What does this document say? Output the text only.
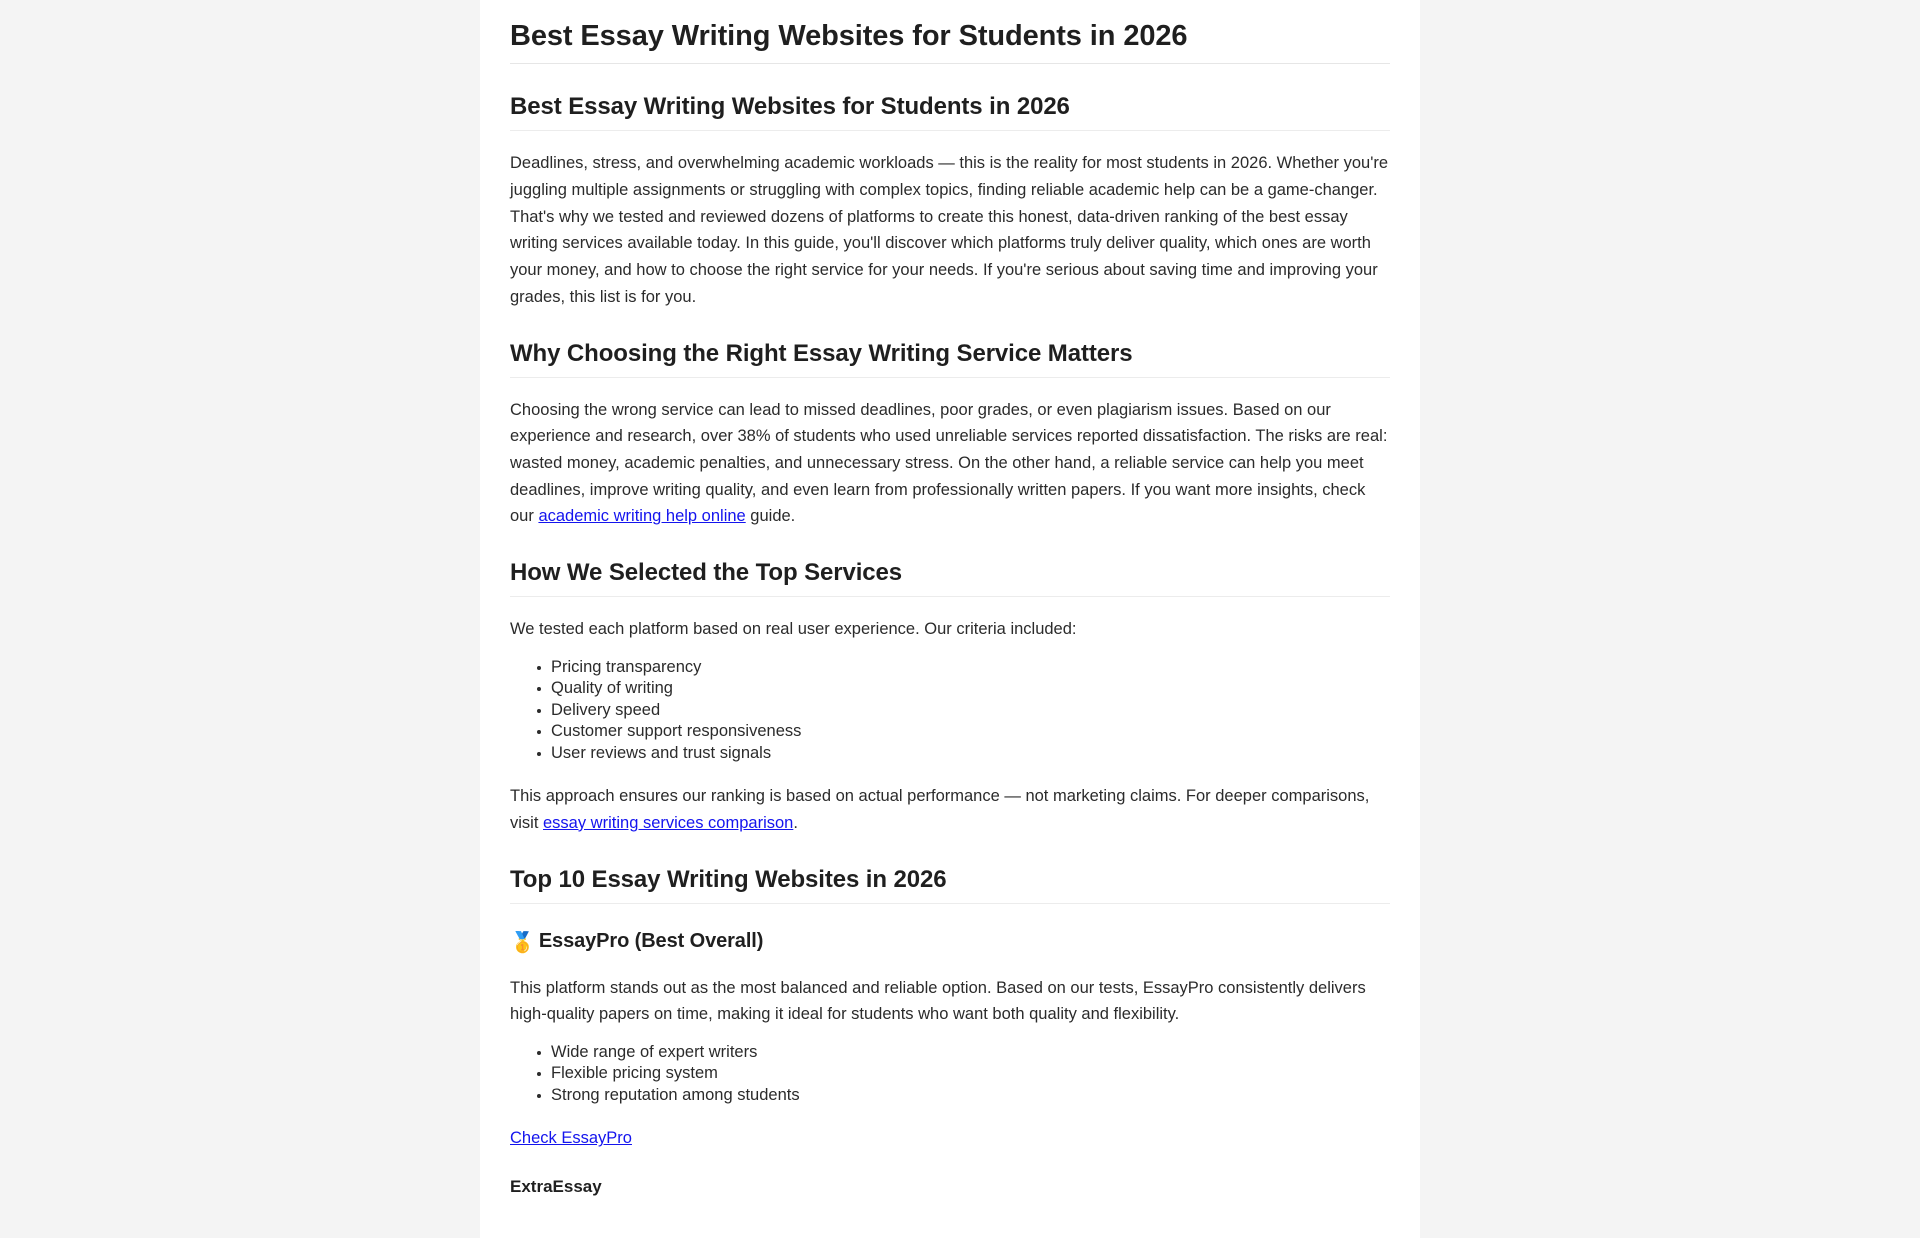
Best Essay Writing Websites for Students in 2026
Best Essay Writing Websites for Students in 2026

Deadlines, stress, and overwhelming academic workloads — this is the reality for most students in 2026. Whether you're juggling multiple assignments or struggling with complex topics, finding reliable academic help can be a game-changer. That's why we tested and reviewed dozens of platforms to create this honest, data-driven ranking of the best essay writing services available today. In this guide, you'll discover which platforms truly deliver quality, which ones are worth your money, and how to choose the right service for your needs. If you're serious about saving time and improving your grades, this list is for you.

Why Choosing the Right Essay Writing Service Matters

Choosing the wrong service can lead to missed deadlines, poor grades, or even plagiarism issues. Based on our experience and research, over 38% of students who used unreliable services reported dissatisfaction. The risks are real: wasted money, academic penalties, and unnecessary stress. On the other hand, a reliable service can help you meet deadlines, improve writing quality, and even learn from professionally written papers. If you want more insights, check our academic writing help online guide.

How We Selected the Top Services

We tested each platform based on real user experience. Our criteria included:

Pricing transparency
Quality of writing
Delivery speed
Customer support responsiveness
User reviews and trust signals

This approach ensures our ranking is based on actual performance — not marketing claims. For deeper comparisons, visit essay writing services comparison.

Top 10 Essay Writing Websites in 2026
🥇 EssayPro (Best Overall)

This platform stands out as the most balanced and reliable option. Based on our tests, EssayPro consistently delivers high-quality papers on time, making it ideal for students who want both quality and flexibility.

Wide range of expert writers
Flexible pricing system
Strong reputation among students

Check EssayPro

ExtraEssay
